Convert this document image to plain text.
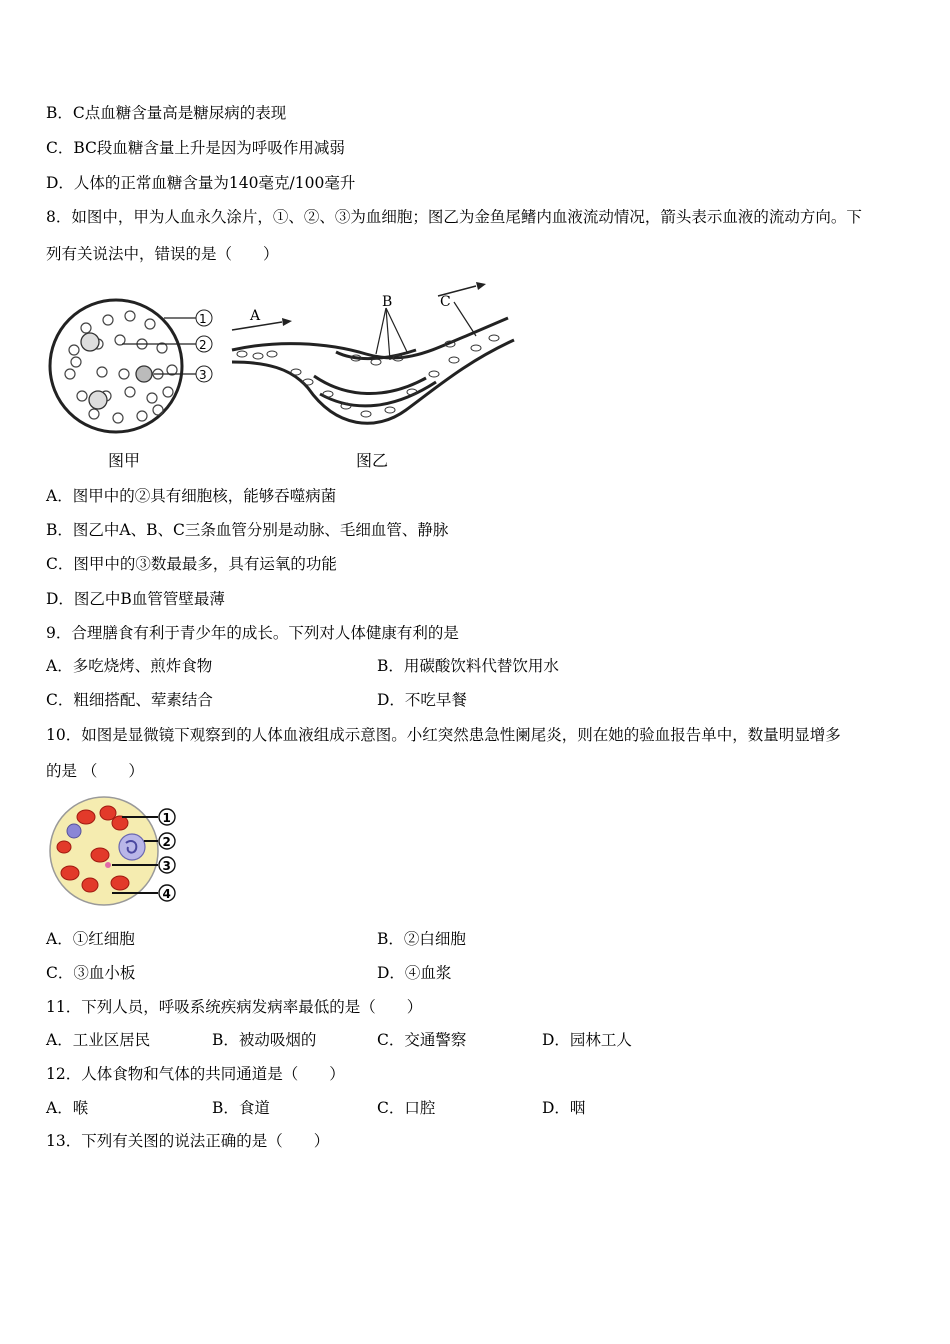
B．C点血糖含量高是糖尿病的表现
C．BC段血糖含量上升是因为呼吸作用减弱
D．人体的正常血糖含量为140毫克/100毫升
8．如图中，甲为人血永久涂片，①、②、③为血细胞；图乙为金鱼尾鳍内血液流动情况，箭头表示血液的流动方向。下
列有关说法中，错误的是（　　）
1
2
3
A
B	C
图甲	图乙
A．图甲中的②具有细胞核，能够吞噬病菌
B．图乙中A、B、C三条血管分别是动脉、毛细血管、静脉
C．图甲中的③数最最多，具有运氧的功能
D．图乙中B血管管壁最薄
9．合理膳食有利于青少年的成长。下列对人体健康有利的是
A．多吃烧烤、煎炸食物	B．用碳酸饮料代替饮用水
C．粗细搭配、荤素结合	D．不吃早餐
10．如图是显微镜下观察到的人体血液组成示意图。小红突然患急性阑尾炎，则在她的验血报告单中，数量明显增多
的是 （　　）
1
2
3
4
A．①红细胞	B．②白细胞
C．③血小板	D．④血浆
11．下列人员，呼吸系统疾病发病率最低的是（　　）
A．工业区居民	B．被动吸烟的	C．交通警察	D．园林工人
12．人体食物和气体的共同通道是（　　）
A．喉	B．食道	C．口腔	D．咽
13．下列有关图的说法正确的是（　　）
